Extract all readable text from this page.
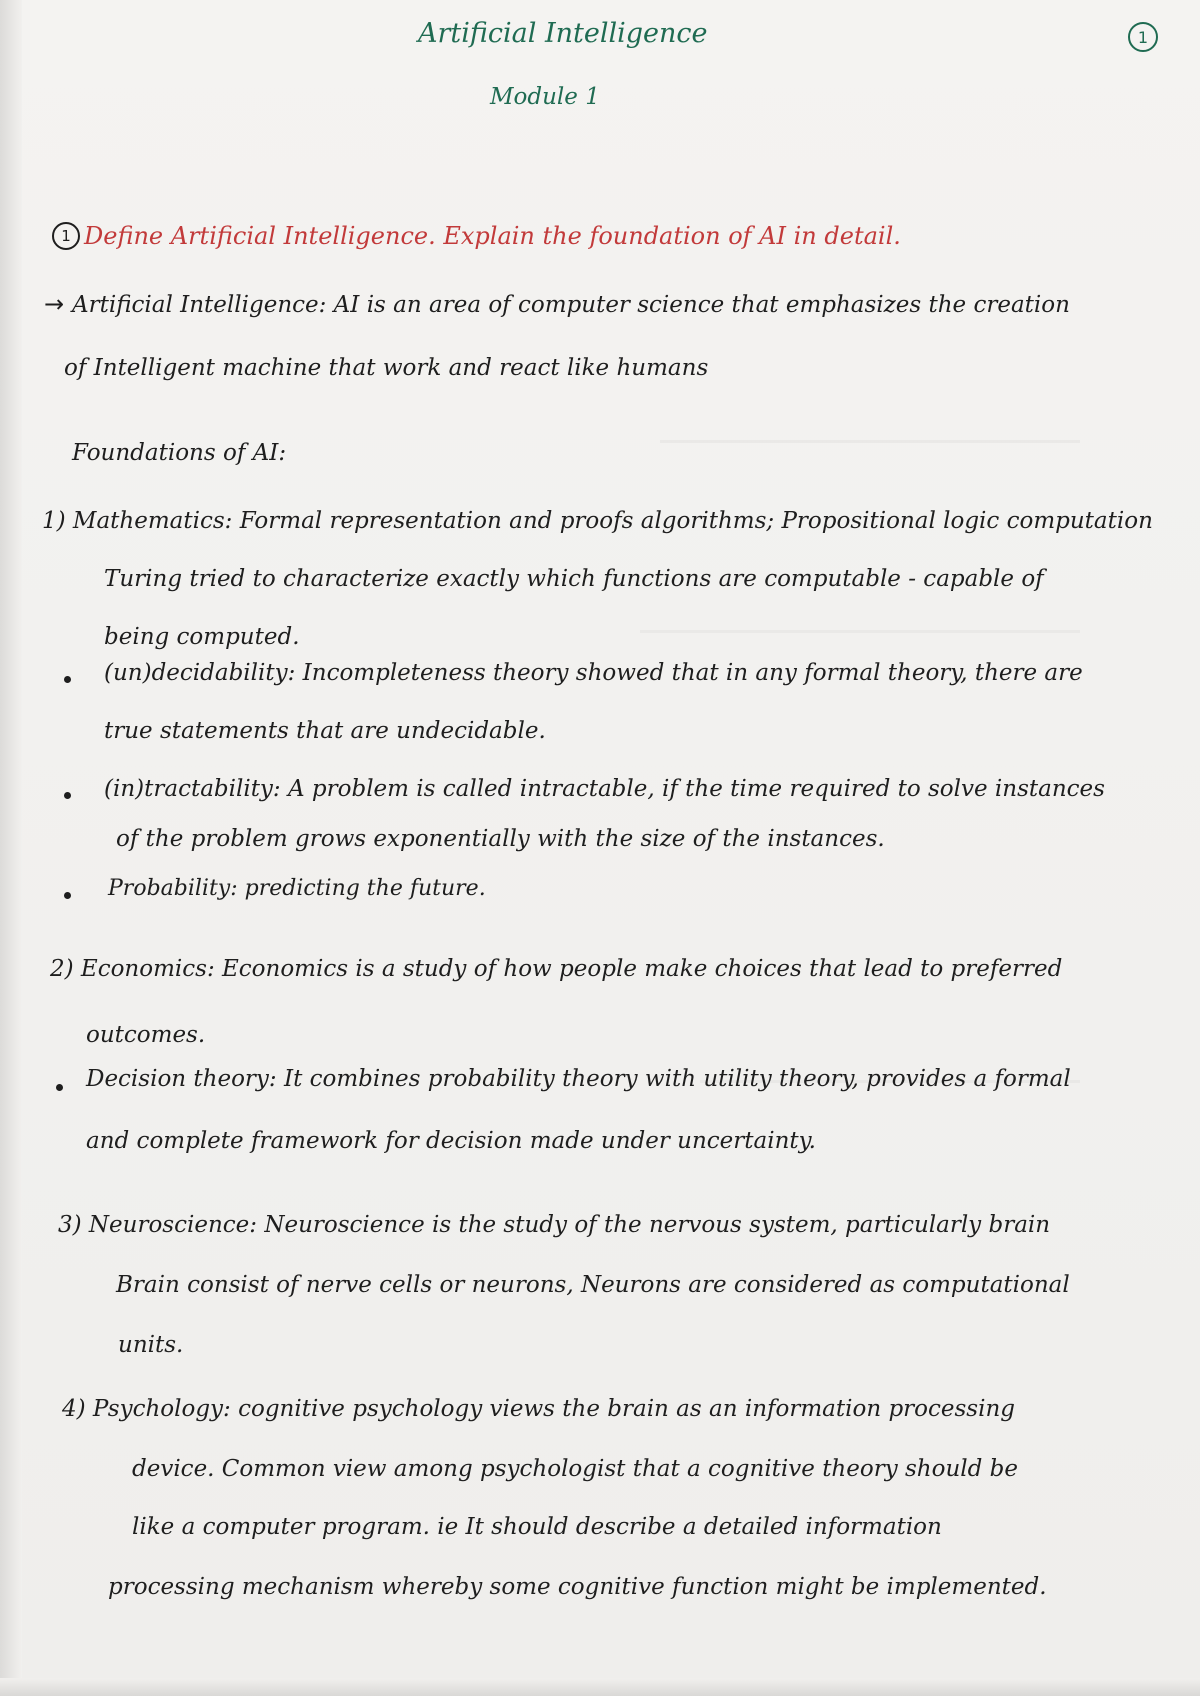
Artificial Intelligence	1
Module 1
1 Define Artificial Intelligence. Explain the foundation of AI in detail.
→ Artificial Intelligence: AI is an area of computer science that emphasizes the creation
of Intelligent machine that work and react like humans
Foundations of AI:
1) Mathematics: Formal representation and proofs algorithms; Propositional logic computation
Turing tried to characterize exactly which functions are computable - capable of
being computed.
(un)decidability: Incompleteness theory showed that in any formal theory, there are
true statements that are undecidable.
(in)tractability: A problem is called intractable, if the time required to solve instances
of the problem grows exponentially with the size of the instances.
Probability: predicting the future.
2) Economics: Economics is a study of how people make choices that lead to preferred
outcomes.
Decision theory: It combines probability theory with utility theory, provides a formal
and complete framework for decision made under uncertainty.
3) Neuroscience: Neuroscience is the study of the nervous system, particularly brain
Brain consist of nerve cells or neurons, Neurons are considered as computational
units.
4) Psychology: cognitive psychology views the brain as an information processing
device. Common view among psychologist that a cognitive theory should be
like a computer program. ie It should describe a detailed information
processing mechanism whereby some cognitive function might be implemented.
